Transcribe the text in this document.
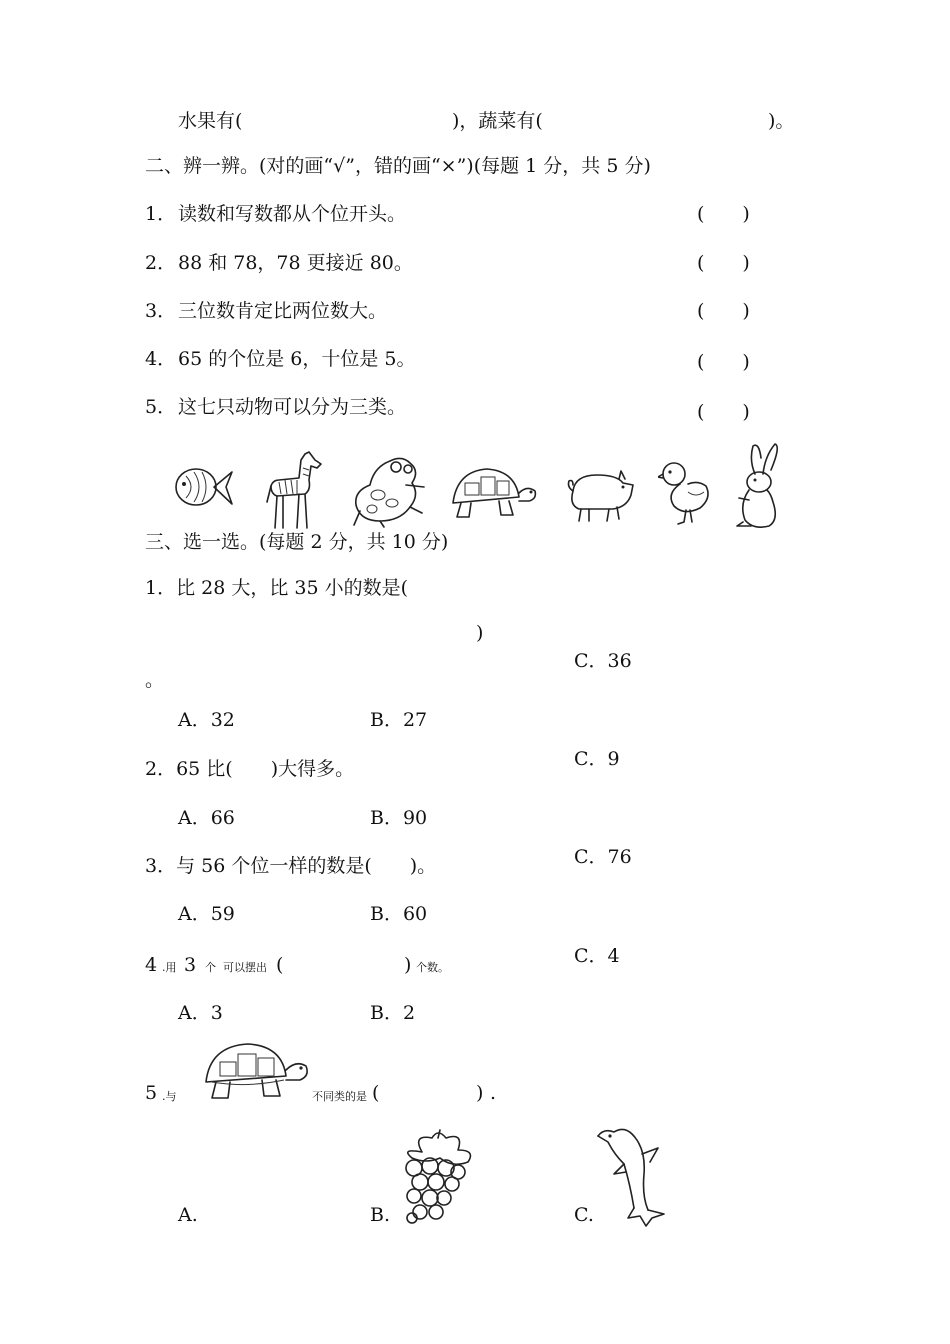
水果有(	)，蔬菜有(	)。
二、辨一辨。(对的画“√”，错的画“×”)(每题 1 分，共 5 分)
1． 读数和写数都从个位开头。	(　　)
2． 88 和 78，78 更接近 80。	(　　)
3． 三位数肯定比两位数大。	(　　)
4． 65 的个位是 6，十位是 5。	(　　)
5． 这七只动物可以分为三类。	(　　)
三、选一选。(每题 2 分，共 10 分)
1．比 28 大，比 35 小的数是(
)
。
C．36
A．32	B．27
2．65 比(　　)大得多。	C．9
A．66	B．90
3．与 56 个位一样的数是(　　)。	C．76
A．59	B．60
4 .用 3 个 可以摆出 (	) 个数。
C．4
A．3	B．2
5 .与	不同类的是 (	) .
A.	B.	C.
